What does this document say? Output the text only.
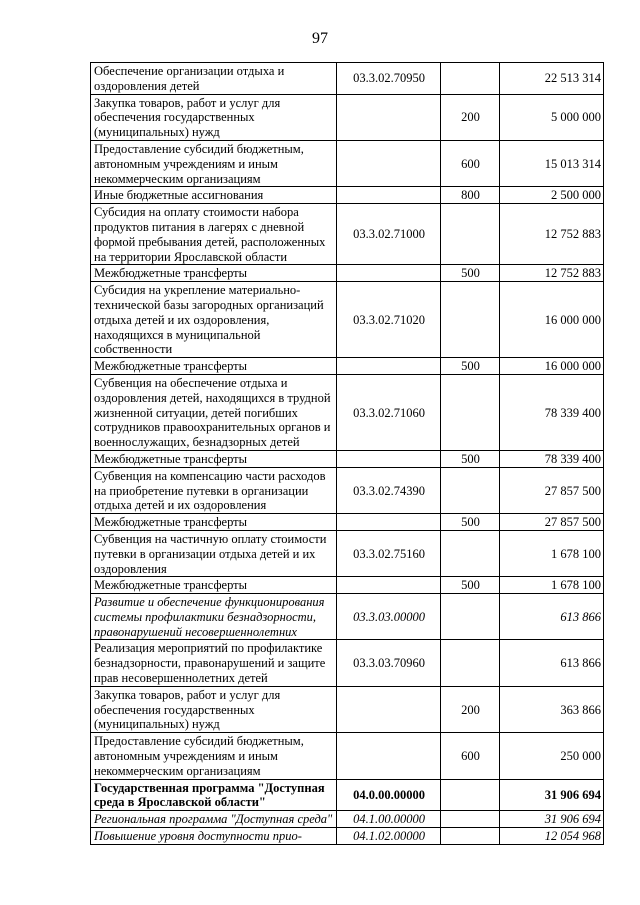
97
Обеспечение организации отдыха и оздоровления детей	03.3.02.70950		22 513 314
Закупка товаров, работ и услуг для обеспечения государственных (муниципальных) нужд		200	5 000 000
Предоставление субсидий бюджетным, автономным учреждениям и иным некоммерческим организациям		600	15 013 314
Иные бюджетные ассигнования		800	2 500 000
Субсидия на оплату стоимости набора продуктов питания в лагерях с дневной формой пребывания детей, расположенных на территории Ярославской области	03.3.02.71000		12 752 883
Межбюджетные трансферты		500	12 752 883
Субсидия на укрепление материально-технической базы загородных организаций отдыха детей и их оздоровления, находящихся в муниципальной собственности	03.3.02.71020		16 000 000
Межбюджетные трансферты		500	16 000 000
Субвенция на обеспечение отдыха и оздоровления детей, находящихся в трудной жизненной ситуации, детей погибших сотрудников правоохранительных органов и военнослужащих, безнадзорных детей	03.3.02.71060		78 339 400
Межбюджетные трансферты		500	78 339 400
Субвенция на компенсацию части расходов на приобретение путевки в организации отдыха детей и их оздоровления	03.3.02.74390		27 857 500
Межбюджетные трансферты		500	27 857 500
Субвенция на частичную оплату стоимости путевки в организации отдыха детей и их оздоровления	03.3.02.75160		1 678 100
Межбюджетные трансферты		500	1 678 100
Развитие и обеспечение функционирования системы профилактики безнадзорности, правонарушений несовершеннолетних	03.3.03.00000		613 866
Реализация мероприятий по профилактике безнадзорности, правонарушений и защите прав несовершеннолетних детей	03.3.03.70960		613 866
Закупка товаров, работ и услуг для обеспечения государственных (муниципальных) нужд		200	363 866
Предоставление субсидий бюджетным, автономным учреждениям и иным некоммерческим организациям		600	250 000
Государственная программа "Доступная среда в Ярославской области"	04.0.00.00000		31 906 694
Региональная программа "Доступная среда"	04.1.00.00000		31 906 694
Повышение уровня доступности прио-	04.1.02.00000		12 054 968
